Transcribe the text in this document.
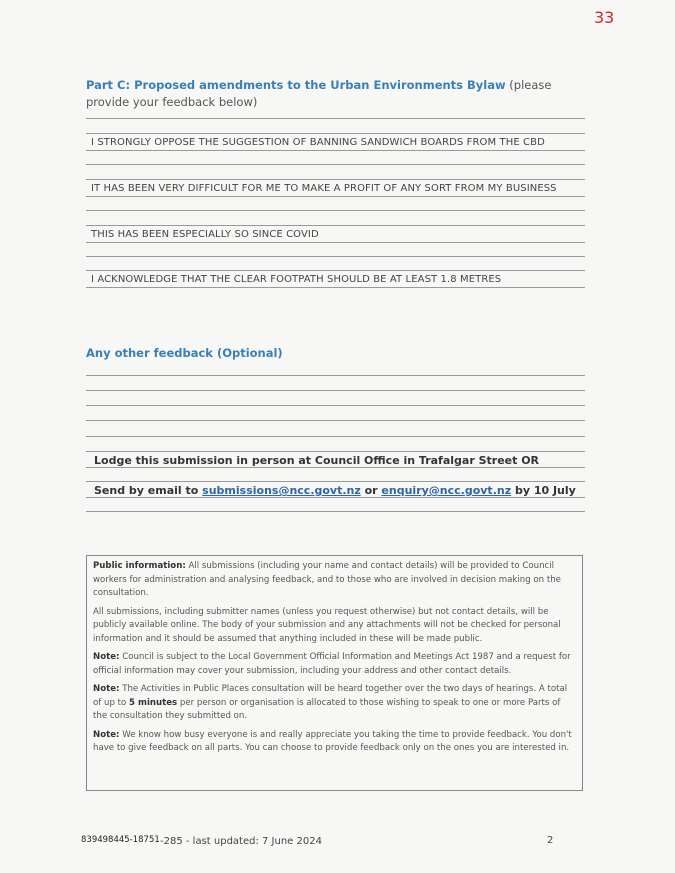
33
Part C: Proposed amendments to the Urban Environments Bylaw (please provide your feedback below)
I STRONGLY OPPOSE THE SUGGESTION OF BANNING SANDWICH BOARDS FROM THE CBD
IT HAS BEEN VERY DIFFICULT FOR ME TO MAKE A PROFIT OF ANY SORT FROM MY BUSINESS
THIS HAS BEEN ESPECIALLY SO SINCE COVID
I ACKNOWLEDGE THAT THE CLEAR FOOTPATH SHOULD BE AT LEAST 1.8 METRES
Any other feedback (Optional)
Lodge this submission in person at Council Office in Trafalgar Street OR
Send by email to submissions@ncc.govt.nz or enquiry@ncc.govt.nz by 10 July

Public information: All submissions (including your name and contact details) will be provided to Council workers for administration and analysing feedback, and to those who are involved in decision making on the consultation.

All submissions, including submitter names (unless you request otherwise) but not contact details, will be publicly available online. The body of your submission and any attachments will not be checked for personal information and it should be assumed that anything included in these will be made public.

Note: Council is subject to the Local Government Official Information and Meetings Act 1987 and a request for official information may cover your submission, including your address and other contact details.

Note: The Activities in Public Places consultation will be heard together over the two days of hearings. A total of up to 5 minutes per person or organisation is allocated to those wishing to speak to one or more Parts of the consultation they submitted on.

Note: We know how busy everyone is and really appreciate you taking the time to provide feedback. You don't have to give feedback on all parts. You can choose to provide feedback only on the ones you are interested in.

839498445-18751 -285 - last updated: 7 June 2024	2
